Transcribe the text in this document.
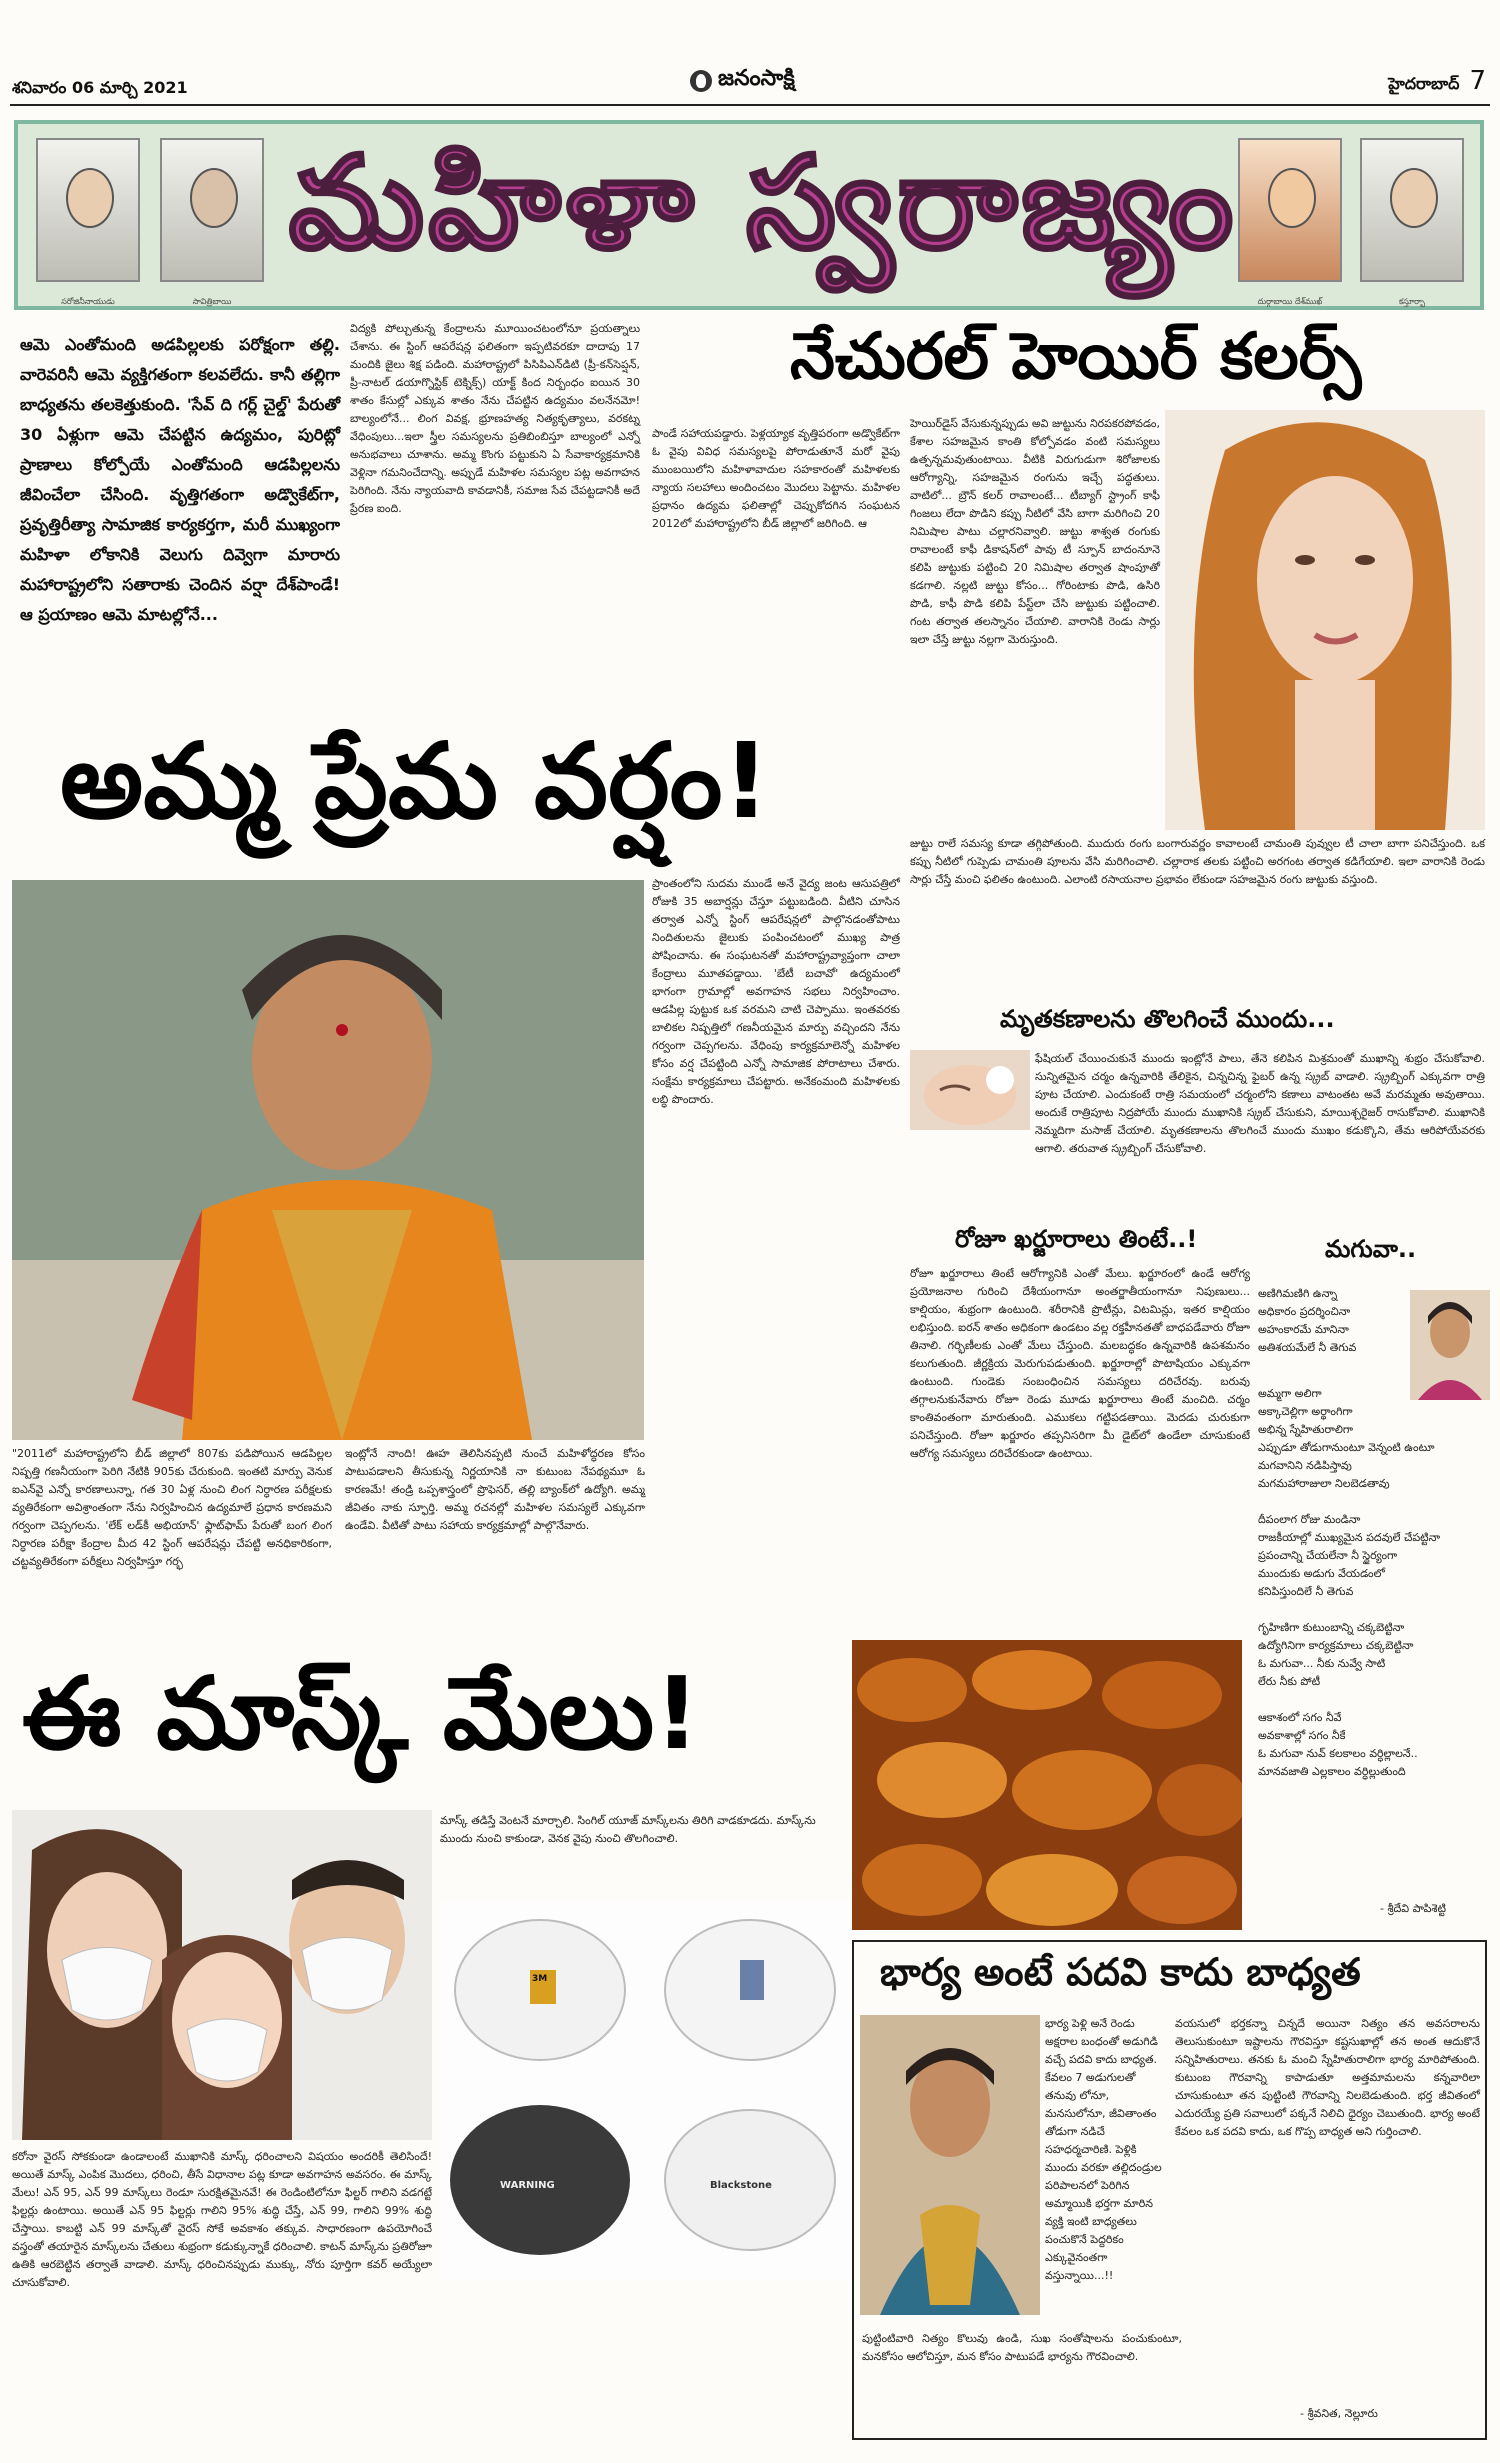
శనివారం 06 మార్చి 2021	జనంసాక్షి	హైదరాబాద్ 7
సరోజినీనాయుడు	సావిత్రిబాయి
మహిళా స్వరాజ్యం
దుర్గాబాయి దేశ్‌ముఖ్	కస్తూర్బా

ఆమె ఎంతోమంది అడపిల్లలకు పరోక్షంగా తల్లి. వారెవరినీ ఆమె వ్యక్తిగతంగా కలవలేదు. కానీ తల్లిగా బాధ్యతను తలకెత్తుకుంది. 'సేవ్ ది గర్ల్ చైల్డ్' పేరుతో 30 ఏళ్లుగా ఆమె చేపట్టిన ఉద్యమం, పురిట్లో ప్రాణాలు కోల్పోయే ఎంతోమంది ఆడపిల్లలను జీవించేలా చేసింది. వృత్తిగతంగా అడ్వొకేట్‌గా, ప్రవృత్తిరీత్యా సామాజిక కార్యకర్తగా, మరీ ముఖ్యంగా మహిళా లోకానికి వెలుగు దివ్వెగా మారారు మహారాష్ట్రలోని సతారాకు చెందిన వర్షా దేశ్‌పాండే! ఆ ప్రయాణం ఆమె మాటల్లోనే...

విద్యకి పోల్చుతున్న కేంద్రాలను మూయించటంలోనూ ప్రయత్నాలు చేశాను. ఈ స్టింగ్ ఆపరేషన్ల ఫలితంగా ఇప్పటివరకూ దాదాపు 17 మందికి జైలు శిక్ష పడింది. మహారాష్ట్రలో పిసిపిఎన్‌డిటి (ప్రీ-కన్‌సెప్షన్, ప్రీ-నాటల్ డయాగ్నొస్టిక్ టెక్నిక్స్) యాక్ట్ కింద నిర్బంధం ఐయిన 30 శాతం కేసుల్లో ఎక్కువ శాతం నేను చేపట్టిన ఉద్యమం వలనేనమో! బాల్యంలోనే... లింగ వివక్ష, భ్రూణహత్య నిత్యకృత్యాలు, వరకట్న వేధింపులు...ఇలా స్త్రీల సమస్యలను ప్రతిబింబిస్తూ బాల్యంలో ఎన్నో అనుభవాలు చూశాను. అమ్మ కొంగు పట్టుకుని ఏ సేవాకార్యక్రమానికి వెళ్లినా గమనించేదాన్ని. అప్పుడే మహిళల సమస్యల పట్ల అవగాహన పెరిగింది. నేను న్యాయవాది కావడానికీ, సమాజ సేవ చేపట్టడానికీ అదే ప్రేరణ ఐంది.

పాండే సహాయపడ్డారు. పెళ్లయ్యాక వృత్తిపరంగా అడ్వొకేట్‌గా ఓ వైపు వివిధ సమస్యలపై పోరాడుతూనే మరో వైపు ముంబయిలోని మహిళావాదుల సహకారంతో మహిళలకు న్యాయ సలహాలు అందించటం మొదలు పెట్టాను. మహిళల ప్రధానం ఉద్యమ ఫలితాల్లో చెప్పుకోదగిన సంఘటన 2012లో మహారాష్ట్రలోని బీడ్ జిల్లాలో జరిగింది. ఆ

అమ్మ ప్రేమ వర్షం!

"2011లో మహారాష్ట్రలోని బీడ్ జిల్లాలో 807కు పడిపోయిన ఆడపిల్లల నిష్పత్తి గణనీయంగా పెరిగి నేటికి 905కు చేరుకుంది. ఇంతటి మార్పు వెనుక ఐఎన్‌వై ఎన్నో కారణాలున్నా, గత 30 ఏళ్ల నుంచి లింగ నిర్ధారణ పరీక్షలకు వ్యతిరేకంగా అవిశ్రాంతంగా నేను నిర్వహించిన ఉద్యమాలే ప్రధాన కారణమని గర్వంగా చెప్పగలను. 'లేక్ లడ్‌కీ అభియాన్' ఫ్లాట్‌ఫామ్ పేరుతో బంగ లింగ నిర్ధారణ పరీక్షా కేంద్రాల మీద 42 స్టింగ్ ఆపరేషన్లు చేపట్టి అనధికారికంగా, చట్టవ్యతిరేకంగా పరీక్షలు నిర్వహిస్తూ గర్భ

ఇంట్లోనే నాంది! ఊహ తెలిసినప్పటి నుంచే మహిళోద్ధరణ కోసం పాటుపడాలని తీసుకున్న నిర్ణయానికి నా కుటుంబ నేపథ్యమూ ఓ కారణమే! తండ్రి ఒప్పశాస్త్రంలో ప్రొఫెసర్, తల్లి బ్యాంక్‌లో ఉద్యోగి. అమ్మ జీవితం నాకు స్ఫూర్తి. అమ్మ రచనల్లో మహిళల సమస్యలే ఎక్కువగా ఉండేవి. వీటితో పాటు సహాయ కార్యక్రమాల్లో పాల్గొనేవారు.

ప్రాంతంలోని సుదమ ముండే అనే వైద్య జంట ఆసుపత్రిలో రోజుకి 35 అబార్షన్లు చేస్తూ పట్టుబడింది. వీటిని చూసిన తర్వాత ఎన్నో స్టింగ్ ఆపరేషన్లలో పాల్గొనడంతోపాటు నిందితులను జైలుకు పంపించటంలో ముఖ్య పాత్ర పోషించాను. ఈ సంఘటనతో మహారాష్ట్రవ్యాప్తంగా చాలా కేంద్రాలు మూతపడ్డాయి. 'బేటీ బచావో' ఉద్యమంలో భాగంగా గ్రామాల్లో అవగాహన సభలు నిర్వహించాం. ఆడపిల్ల పుట్టుక ఒక వరమని చాటి చెప్పాము. ఇంతవరకు బాలికల నిష్పత్తిలో గణనీయమైన మార్పు వచ్చిందని నేను గర్వంగా చెప్పగలను. వేధింపు కార్యక్రమాలెన్నో మహిళల కోసం వర్ష చేపట్టింది ఎన్నో సామాజిక పోరాటాలు చేశారు. సంక్షేమ కార్యక్రమాలు చేపట్టారు. అనేకంమంది మహిళలకు లబ్ధి పొందారు.

నేచురల్ హెయిర్ కలర్స్

హెయిర్‌డైస్ వేసుకున్నప్పుడు అవి జుట్టును నిరపకరపోవడం, కేశాల సహజమైన కాంతి కోల్పోవడం వంటి సమస్యలు ఉత్పన్నమవుతుంటాయి. వీటికి విరుగుడుగా శిరోజాలకు ఆరోగ్యాన్ని, సహజమైన రంగును ఇచ్చే పద్ధతులు. వాటిలో... బ్రౌన్ కలర్ రావాలంటే... టీబ్యాగ్ స్ట్రాంగ్ కాఫీ గింజలు లేదా పొడిని కప్పు నీటిలో వేసి బాగా మరిగించి 20 నిమిషాల పాటు చల్లారనివ్వాలి. జుట్టు శాశ్వత రంగుకు రావాలంటే కాఫీ డికాషన్‌లో పావు టీ స్పూన్ బాదంనూనె కలిపి జుట్టుకు పట్టించి 20 నిమిషాల తర్వాత షాంపూతో కడగాలి. నల్లటి జుట్టు కోసం... గోరింటాకు పొడి, ఉసిరి పొడి, కాఫీ పొడి కలిపి పేస్ట్‌లా చేసి జుట్టుకు పట్టించాలి. గంట తర్వాత తలస్నానం చేయాలి. వారానికి రెండు సార్లు ఇలా చేస్తే జుట్టు నల్లగా మెరుస్తుంది.

జుట్టు రాలే సమస్య కూడా తగ్గిపోతుంది. ముదురు రంగు బంగారువర్ణం కావాలంటే చామంతి పువ్వుల టీ చాలా బాగా పనిచేస్తుంది. ఒక కప్పు నీటిలో గుప్పెడు చామంతి పూలను వేసి మరిగించాలి. చల్లారాక తలకు పట్టించి అరగంట తర్వాత కడిగేయాలి. ఇలా వారానికి రెండు సార్లు చేస్తే మంచి ఫలితం ఉంటుంది. ఎలాంటి రసాయనాల ప్రభావం లేకుండా సహజమైన రంగు జుట్టుకు వస్తుంది.

మృతకణాలను తొలగించే ముందు...

ఫేషియల్ చేయించుకునే ముందు ఇంట్లోనే పాలు, తేనె కలిపిన మిశ్రమంతో ముఖాన్ని శుభ్రం చేసుకోవాలి. సున్నితమైన చర్మం ఉన్నవారికి తేలికైన, చిన్నచిన్న ఫైబర్ ఉన్న స్క్రబ్ వాడాలి. స్క్రబ్బింగ్ ఎక్కువగా రాత్రి పూట చేయాలి. ఎందుకంటే రాత్రి సమయంలో చర్మంలోని కణాలు వాటంతట అవే మరమ్మతు అవుతాయి. అందుకే రాత్రిపూట నిద్రపోయే ముందు ముఖానికి స్క్రబ్ చేసుకుని, మాయిశ్చరైజర్ రాసుకోవాలి. ముఖానికి నెమ్మదిగా మసాజ్ చేయాలి. మృతకణాలను తొలగించే ముందు ముఖం కడుక్కొని, తేమ ఆరిపోయేవరకు ఆగాలి. తరువాత స్క్రబ్బింగ్ చేసుకోవాలి.

రోజూ ఖర్జూరాలు తింటే..!

రోజూ ఖర్జూరాలు తింటే ఆరోగ్యానికి ఎంతో మేలు. ఖర్జూరంలో ఉండే ఆరోగ్య ప్రయోజనాల గురించి దేశీయంగానూ అంతర్జాతీయంగానూ నిపుణులు... కాల్షియం, శుభ్రంగా ఉంటుంది. శరీరానికి ప్రొటీన్లు, విటమిన్లు, ఇతర కాల్షియం లభిస్తుంది. ఐరన్ శాతం అధికంగా ఉండటం వల్ల రక్తహీనతతో బాధపడేవారు రోజూ తినాలి. గర్భిణీలకు ఎంతో మేలు చేస్తుంది. మలబద్ధకం ఉన్నవారికి ఉపశమనం కలుగుతుంది. జీర్ణక్రియ మెరుగుపడుతుంది. ఖర్జూరాల్లో పొటాషియం ఎక్కువగా ఉంటుంది. గుండెకు సంబంధించిన సమస్యలు దరిచేరవు. బరువు తగ్గాలనుకునేవారు రోజూ రెండు మూడు ఖర్జూరాలు తింటే మంచిది. చర్మం కాంతివంతంగా మారుతుంది. ఎముకలు గట్టిపడతాయి. మెదడు చురుకుగా పనిచేస్తుంది. రోజూ ఖర్జూరం తప్పనిసరిగా మీ డైట్‌లో ఉండేలా చూసుకుంటే ఆరోగ్య సమస్యలు దరిచేరకుండా ఉంటాయి.

మగువా..
అణిగిమణిగి ఉన్నా
అధికారం ప్రదర్శించినా
అహంకారమే మానినా
అతిశయమేలే నీ తెగువ
అమ్మగా అలిగా
అక్కాచెల్లిగా అర్థాంగిగా
అభిన్న స్నేహితురాలిగా
ఎప్పుడూ తోడుగానుంటూ వెన్నంటి ఉంటూ
మగవానిని నడిపిస్తావు
మగమహారాజులా నిలబెడతావు

దీపంలాగ రోజు మండినా
రాజకీయాల్లో ముఖ్యమైన పదవులే చేపట్టినా
ప్రపంచాన్ని చేయలేనా నీ స్థైర్యంగా
ముందుకు అడుగు వేయడంలో
కనిపిస్తుందిలే నీ తెగువ

గృహిణిగా కుటుంబాన్ని చక్కబెట్టినా
ఉద్యోగినిగా కార్యక్రమాలు చక్కబెట్టినా
ఓ మగువా... నీకు నువ్వే సాటి
లేరు నీకు పోటీ

ఆకాశంలో సగం నీవే
అవకాశాల్లో సగం నీకే
ఓ మగువా నువ్ కలకాలం వర్ధిల్లాలనే..
మానవజాతి ఎల్లకాలం వర్ధిల్లుతుంది
- శ్రీదేవి పాపిశెట్టి
ఈ మాస్క్ మేలు!

మాస్క్ తడిస్తే వెంటనే మార్చాలి. సింగిల్ యూజ్ మాస్క్‌లను తిరిగి వాడకూడదు. మాస్క్‌ను ముందు నుంచి కాకుండా, వెనక వైపు నుంచి తొలగించాలి.

3M
WARNING	Blackstone

కరోనా వైరస్ సోకకుండా ఉండాలంటే ముఖానికి మాస్క్ ధరించాలని విషయం అందరికీ తెలిసిందే! అయితే మాస్క్ ఎంపిక మొదలు, ధరించి, తీసే విధానాల పట్ల కూడా అవగాహన అవసరం. ఈ మాస్క్ మేలు! ఎన్ 95, ఎన్ 99 మాస్క్‌లు రెండూ సురక్షితమైనవే! ఈ రెండింటిలోనూ ఫిల్టర్ గాలిని వడగట్టే ఫిల్టర్లు ఉంటాయి. అయితే ఎన్ 95 ఫిల్టర్లు గాలిని 95% శుద్ధి చేస్తే, ఎన్ 99, గాలిని 99% శుద్ధి చేస్తాయి. కాబట్టి ఎన్ 99 మాస్క్‌తో వైరస్ సోకే అవకాశం తక్కువ. సాధారణంగా ఉపయోగించే వస్త్రంతో తయారైన మాస్క్‌లను చేతులు శుభ్రంగా కడుక్కున్నాకే ధరించాలి. కాటన్ మాస్క్‌ను ప్రతిరోజూ ఉతికి ఆరబెట్టిన తర్వాతే వాడాలి. మాస్క్ ధరించినప్పుడు ముక్కు, నోరు పూర్తిగా కవర్ అయ్యేలా చూసుకోవాలి.

భార్య అంటే పదవి కాదు బాధ్యత

భార్య పెళ్లి అనే రెండు అక్షరాల బంధంతో అడుగిడి వచ్చే పదవి కాదు బాధ్యత. కేవలం 7 అడుగులతో తనువు లోనూ, మనసులోనూ, జీవితాంతం తోడుగా నడిచే సహధర్మచారిణి. పెళ్లికి ముందు వరకూ తల్లిదండ్రుల పరిపాలనలో పెరిగిన అమ్మాయికి భర్తగా మారిన వ్యక్తి ఇంటి బాధ్యతలు పంచుకొనే పెద్దరికం ఎక్కువైనంతగా వస్తున్నాయి...!!

వయసులో భర్తకన్నా చిన్నదే అయినా నిత్యం తన అవసరాలను తెలుసుకుంటూ ఇష్టాలను గౌరవిస్తూ కష్టసుఖాల్లో తన అంత ఆదుకొనే సన్నిహితురాలు. తనకు ఓ మంచి స్నేహితురాలిగా భార్య మారిపోతుంది. కుటుంబ గౌరవాన్ని కాపాడుతూ అత్తమామలను కన్నవారిలా చూసుకుంటూ తన పుట్టింటి గౌరవాన్ని నిలబెడుతుంది. భర్త జీవితంలో ఎదురయ్యే ప్రతి సవాలులో పక్కనే నిలిచి ధైర్యం చెబుతుంది. భార్య అంటే కేవలం ఒక పదవి కాదు, ఒక గొప్ప బాధ్యత అని గుర్తించాలి.

పుట్టింటివారి నిత్యం కొలువు ఉండి, సుఖ సంతోషాలను పంచుకుంటూ, మనకోసం ఆలోచిస్తూ, మన కోసం పాటుపడే భార్యను గౌరవించాలి.

- శ్రీవనిత, నెల్లూరు
